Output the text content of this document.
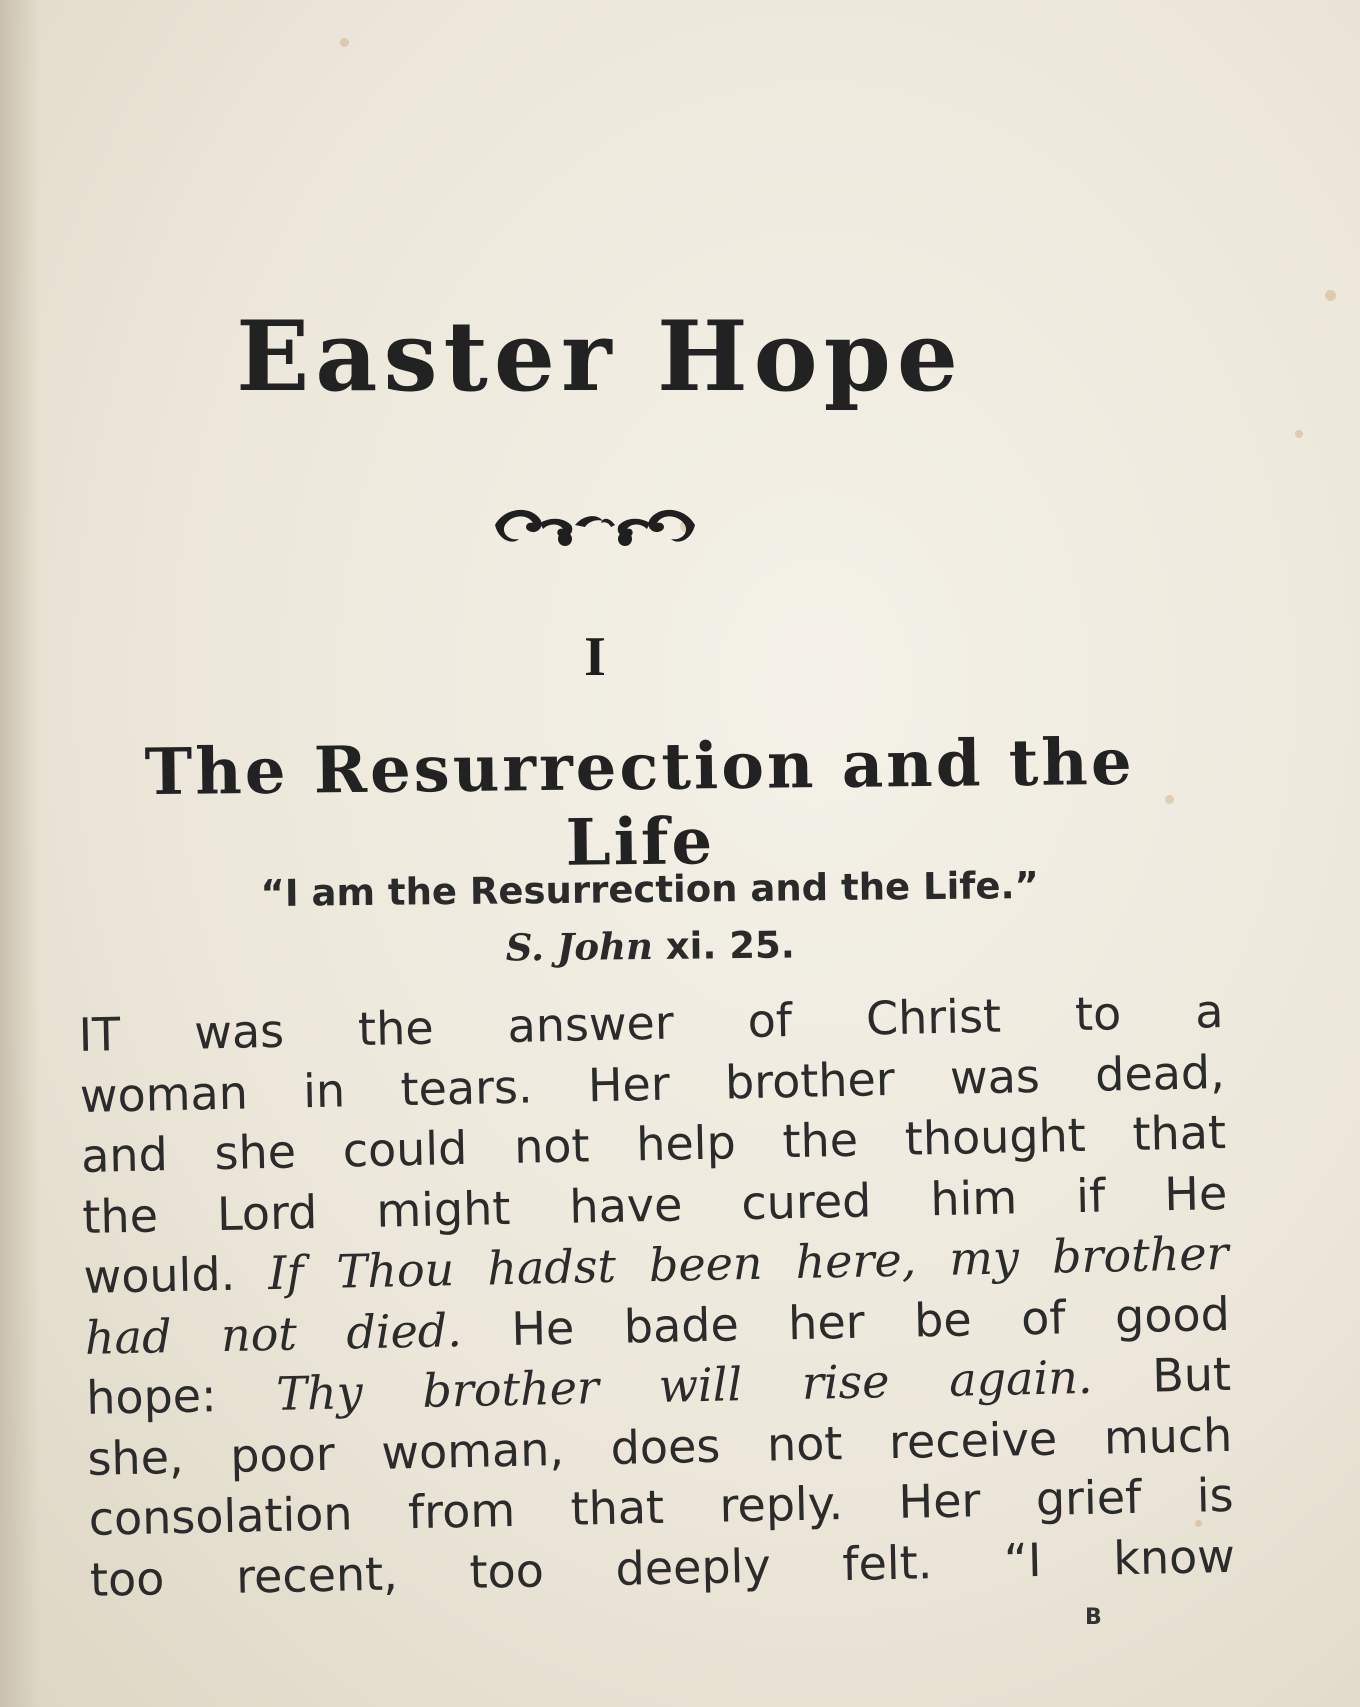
Easter Hope
I
The Resurrection and the Life
“I am the Resurrection and the Life.”
S. John xi. 25.
IT was the answer of Christ to a
woman in tears. Her brother was dead,
and she could not help the thought that
the Lord might have cured him if He
would. If Thou hadst been here, my brother
had not died. He bade her be of good
hope: Thy brother will rise again. But
she, poor woman, does not receive much
consolation from that reply. Her grief is
too recent, too deeply felt. “I know
B
